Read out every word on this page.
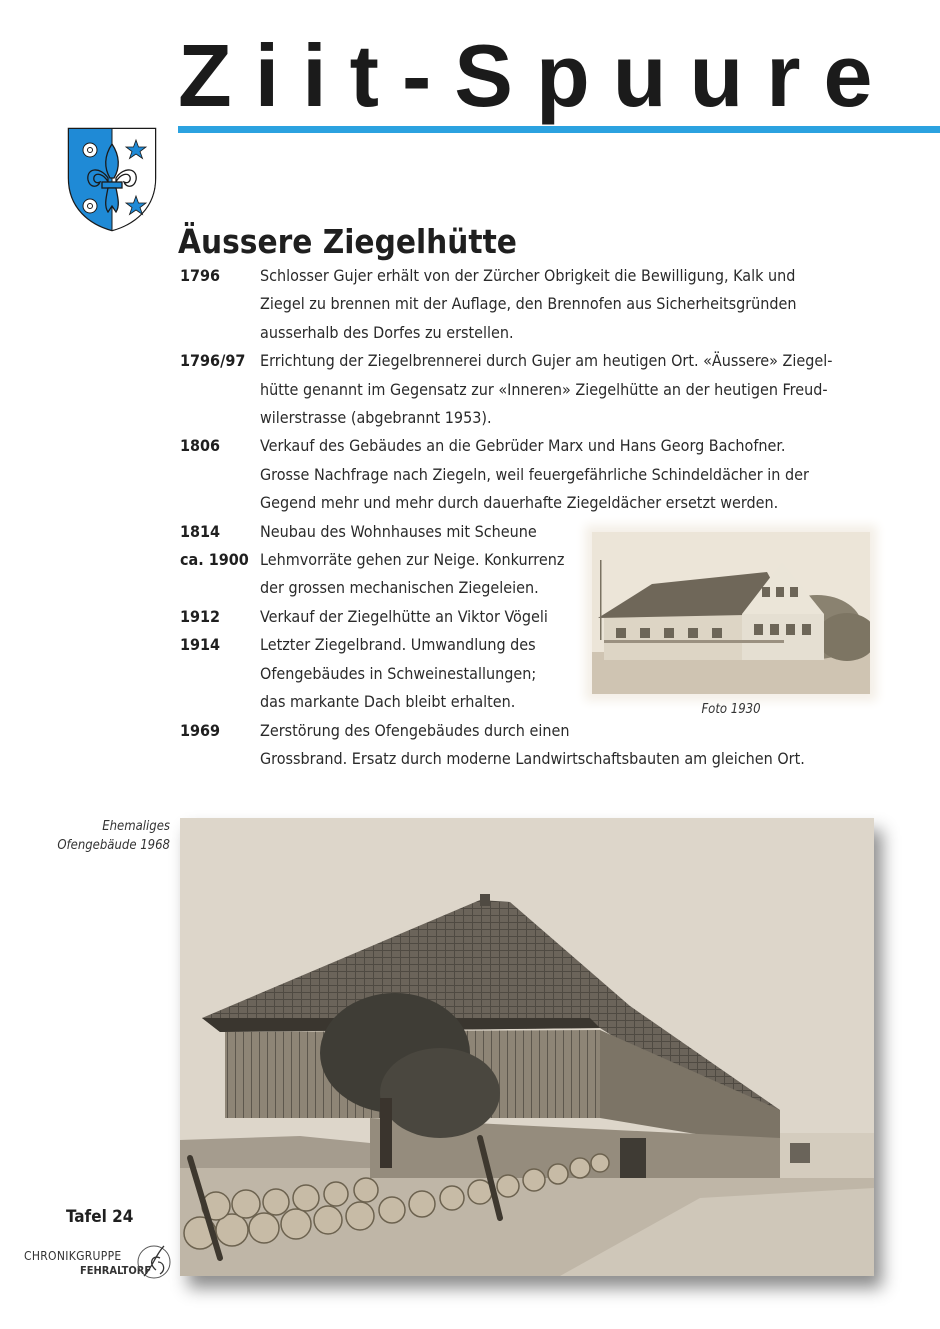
Ziit-Spuure
Äussere Ziegelhütte
1796	Schlosser Gujer erhält von der Zürcher Obrigkeit die Bewilligung, Kalk und
Ziegel zu brennen mit der Auflage, den Brennofen aus Sicherheitsgründen
ausserhalb des Dorfes zu erstellen.
1796/97 Errichtung der Ziegelbrennerei durch Gujer am heutigen Ort. «Äussere» Ziegel-
hütte genannt im Gegensatz zur «Inneren» Ziegelhütte an der heutigen Freud-
wilerstrasse (abgebrannt 1953).
1806	Verkauf des Gebäudes an die Gebrüder Marx und Hans Georg Bachofner.
Grosse Nachfrage nach Ziegeln, weil feuergefährliche Schindeldächer in der
Gegend mehr und mehr durch dauerhafte Ziegeldächer ersetzt werden.
1814	Neubau des Wohnhauses mit Scheune
ca. 1900 Lehmvorräte gehen zur Neige. Konkurrenz
der grossen mechanischen Ziegeleien.
1912	Verkauf der Ziegelhütte an Viktor Vögeli
1914	Letzter Ziegelbrand. Umwandlung des
Ofengebäudes in Schweinestallungen;
das markante Dach bleibt erhalten.
1969	Zerstörung des Ofengebäudes durch einen
Grossbrand. Ersatz durch moderne Landwirtschaftsbauten am gleichen Ort.
Foto 1930
Ehemaliges
Ofengebäude 1968
Tafel 24
CHRONIKGRUPPE
FEHRALTORF
